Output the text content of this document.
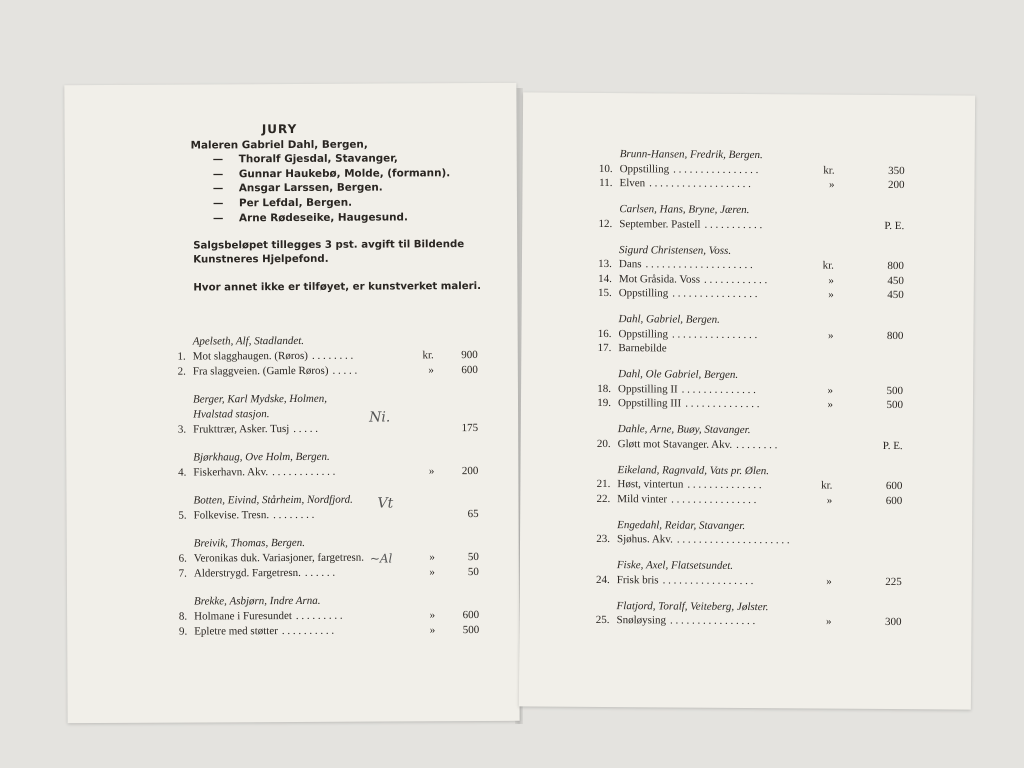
JURY
Maleren Gabriel Dahl, Bergen,
— Thoralf Gjesdal, Stavanger,
— Gunnar Haukebø, Molde, (formann).
— Ansgar Larssen, Bergen.
— Per Lefdal, Bergen.
— Arne Rødeseike, Haugesund.
Salgsbeløpet tillegges 3 pst. avgift til Bildende
Kunstneres Hjelpefond.
Hvor annet ikke er tilføyet, er kunstverket maleri.
Apelseth, Alf, Stadlandet.
1. Mot slagghaugen. (Røros) . . . . . . . .	kr.	900
2. Fra slaggveien. (Gamle Røros) . . . . .	»	600
Berger, Karl Mydske, Holmen,
Hvalstad stasjon.
3. Frukttrær, Asker. Tusj . . . . .	175
Bjørkhaug, Ove Holm, Bergen.
4. Fiskerhavn. Akv. . . . . . . . . . . . .	»	200
Botten, Eivind, Stårheim, Nordfjord.
5. Folkevise. Tresn. . . . . . . . .	65
Breivik, Thomas, Bergen.
6. Veronikas duk. Variasjoner, fargetresn.	»	50
7. Alderstrygd. Fargetresn. . . . . . .	»	50
Brekke, Asbjørn, Indre Arna.
8. Holmane i Furesundet . . . . . . . . .	»	600
9. Epletre med støtter . . . . . . . . . .	»	500
Ni.
Vt
~Al
Brunn-Hansen, Fredrik, Bergen.
10. Oppstilling . . . . . . . . . . . . . . . .	kr.	350
11. Elven . . . . . . . . . . . . . . . . . . .	»	200
Carlsen, Hans, Bryne, Jæren.
12. September. Pastell . . . . . . . . . . .	P. E.
Sigurd Christensen, Voss.
13. Dans . . . . . . . . . . . . . . . . . . . .	kr.	800
14. Mot Gråsida. Voss . . . . . . . . . . . .	»	450
15. Oppstilling . . . . . . . . . . . . . . . .	»	450
Dahl, Gabriel, Bergen.
16. Oppstilling . . . . . . . . . . . . . . . .	»	800
17. Barnebilde
Dahl, Ole Gabriel, Bergen.
18. Oppstilling II . . . . . . . . . . . . . .	»	500
19. Oppstilling III . . . . . . . . . . . . . .	»	500
Dahle, Arne, Buøy, Stavanger.
20. Gløtt mot Stavanger. Akv. . . . . . . . .	P. E.
Eikeland, Ragnvald, Vats pr. Ølen.
21. Høst, vintertun . . . . . . . . . . . . . .	kr.	600
22. Mild vinter . . . . . . . . . . . . . . . .	»	600
Engedahl, Reidar, Stavanger.
23. Sjøhus. Akv. . . . . . . . . . . . . . . . . . . . . .
Fiske, Axel, Flatsetsundet.
24. Frisk bris . . . . . . . . . . . . . . . . .	»	225
Flatjord, Toralf, Veiteberg, Jølster.
25. Snøløysing . . . . . . . . . . . . . . . .	»	300
